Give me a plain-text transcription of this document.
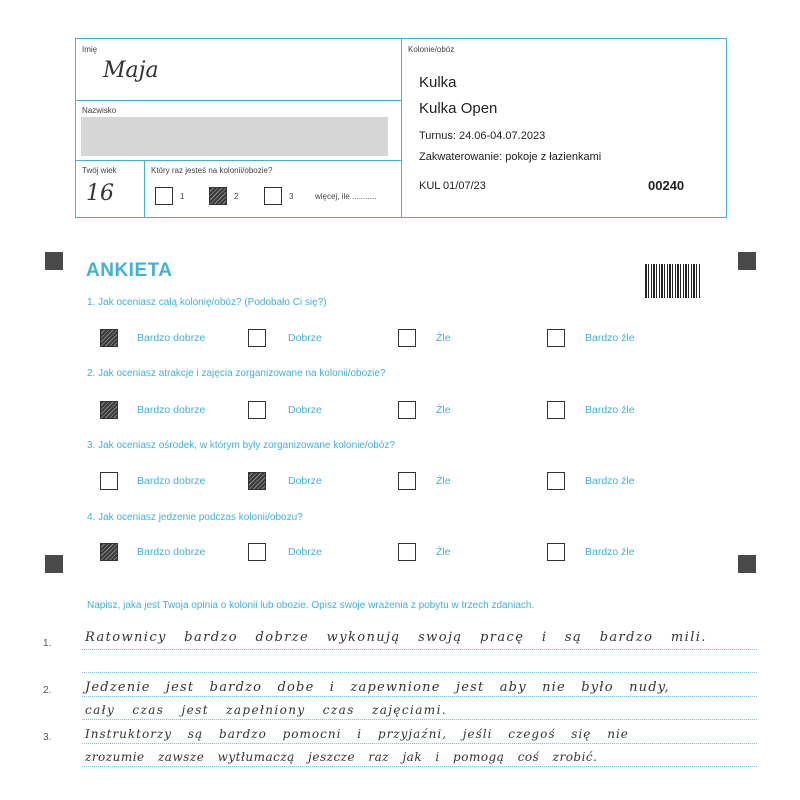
Imię
Maja
Nazwisko
Twój wiek
16
Który raz jesteś na kolonii/obozie?
1	2	3	więcej, ile ...........
Kolonie/obóz
Kulka
Kulka Open
Turnus: 24.06-04.07.2023
Zakwaterowanie: pokoje z łazienkami
KUL 01/07/23	00240
ANKIETA
1. Jak oceniasz całą kolonię/obóz? (Podobało Ci się?)
2. Jak oceniasz atrakcje i zajęcia zorganizowane na kolonii/obozie?
3. Jak oceniasz ośrodek, w którym były zorganizowane kolonie/obóz?
4. Jak oceniasz jedzenie podczas kolonii/obozu?
Bardzo dobrze	Dobrze	Źle	Bardzo źle
Bardzo dobrze	Dobrze	Źle	Bardzo źle
Bardzo dobrze	Dobrze	Źle	Bardzo źle
Bardzo dobrze	Dobrze	Źle	Bardzo źle
Napisz, jaka jest Twoja opinia o kolonii lub obozie. Opisz swoje wrażenia z pobytu w trzech zdaniach.
1.
2.
3.
Ratownicy bardzo dobrze wykonują swoją pracę i są bardzo mili.
Jedzenie jest bardzo dobe i zapewnione jest aby nie było nudy,
cały czas jest zapełniony czas zajęciami.
Instruktorzy są bardzo pomocni i przyjaźni, jeśli czegoś się nie
zrozumie zawsze wytłumaczą jeszcze raz jak i pomogą coś zrobić.
